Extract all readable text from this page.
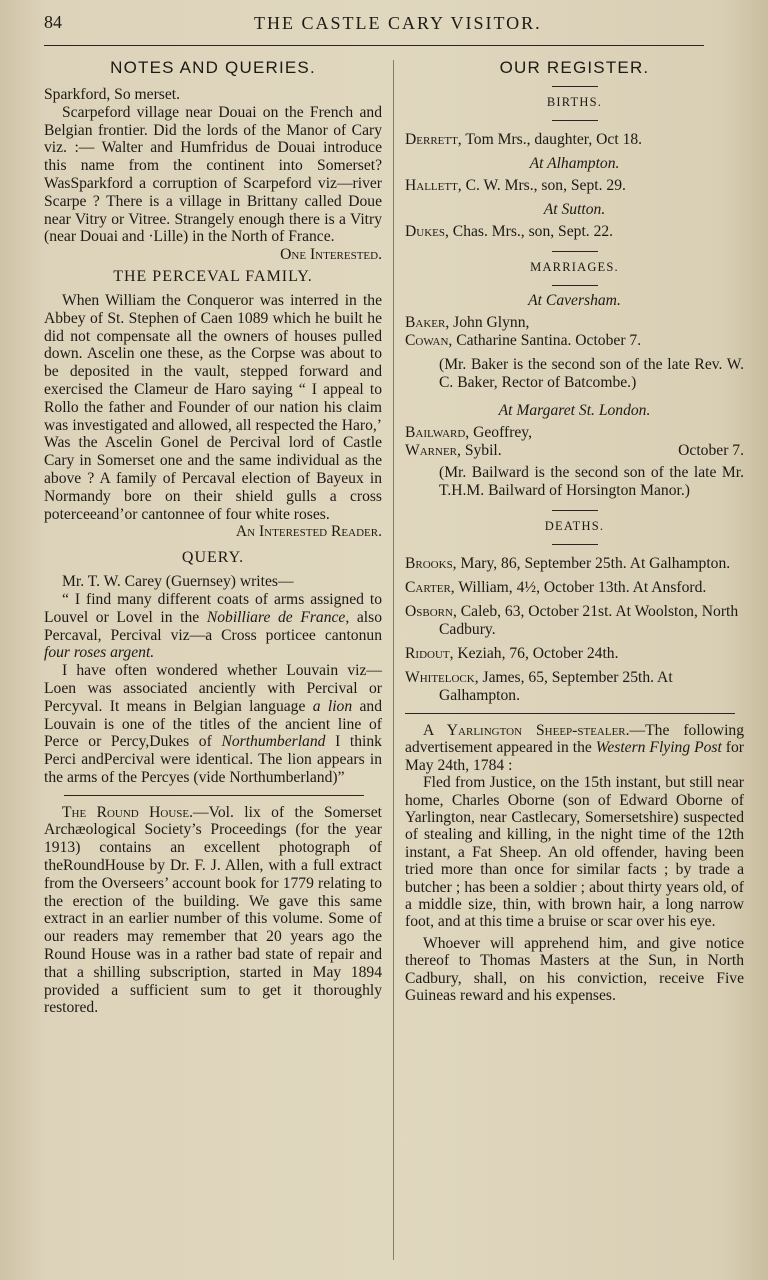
84	THE CASTLE CARY VISITOR.
NOTES AND QUERIES.

Sparkford, So merset.

Scarpeford village near Douai on the French and Belgian frontier. Did the lords of the Manor of Cary viz. :— Walter and Humfridus de Douai introduce this name from the continent into Somerset? WasSparkford a corruption of Scarpeford viz—river Scarpe ? There is a village in Brittany called Doue near Vitry or Vitree. Strangely enough there is a Vitry (near Douai and ·Lille) in the North of France.
One Interested.

THE PERCEVAL FAMILY.

When William the Conqueror was interred in the Abbey of St. Stephen of Caen 1089 which he built he did not compensate all the owners of houses pulled down. Ascelin one these, as the Corpse was about to be deposited in the vault, stepped forward and exercised the Clameur de Haro saying “ I appeal to Rollo the father and Founder of our nation his claim was investigated and allowed, all respected the Haro,’ Was the Ascelin Gonel de Percival lord of Castle Cary in Somerset one and the same individual as the above ? A family of Percaval election of Bayeux in Normandy bore on their shield gulls a cross poterceeand’or cantonnee of four white roses.
An Interested Reader.

QUERY.

Mr. T. W. Carey (Guernsey) writes—

“ I find many different coats of arms assigned to Louvel or Lovel in the Nobilliare de France, also Percaval, Percival viz—a Cross porticee cantonun four roses argent.

I have often wondered whether Louvain viz—Loen was associated anciently with Percival or Percyval. It means in Belgian language a lion and Louvain is one of the titles of the ancient line of Perce or Percy,Dukes of Northumberland I think Perci andPercival were identical. The lion appears in the arms of the Percyes (vide Northumberland)”

The Round House.—Vol. lix of the Somerset Archæological Society’s Proceedings (for the year 1913) contains an excellent photograph of theRoundHouse by Dr. F. J. Allen, with a full extract from the Overseers’ account book for 1779 relating to the erection of the building. We gave this same extract in an earlier number of this volume. Some of our readers may remember that 20 years ago the Round House was in a rather bad state of repair and that a shilling subscription, started in May 1894 provided a sufficient sum to get it thoroughly restored.

OUR REGISTER.
BIRTHS.
Derrett, Tom Mrs., daughter, Oct 18.
At Alhampton.
Hallett, C. W. Mrs., son, Sept. 29.
At Sutton.
Dukes, Chas. Mrs., son, Sept. 22.
MARRIAGES.
At Caversham.
Baker, John Glynn,
Cowan, Catharine Santina. October 7.
(Mr. Baker is the second son of the late Rev. W. C. Baker, Rector of Batcombe.)
At Margaret St. London.
Bailward, Geoffrey,
Warner, Sybil.	October 7.
(Mr. Bailward is the second son of the late Mr. T.H.M. Bailward of Horsington Manor.)
DEATHS.
Brooks, Mary, 86, September 25th. At Galhampton.
Carter, William, 4½, October 13th. At Ansford.
Osborn, Caleb, 63, October 21st. At Woolston, North Cadbury.
Ridout, Keziah, 76, October 24th.
Whitelock, James, 65, September 25th. At Galhampton.

A Yarlington Sheep-stealer.—The following advertisement appeared in the Western Flying Post for May 24th, 1784 :

Fled from Justice, on the 15th instant, but still near home, Charles Oborne (son of Edward Oborne of Yarlington, near Castlecary, Somersetshire) suspected of stealing and killing, in the night time of the 12th instant, a Fat Sheep. An old offender, having been tried more than once for similar facts ; by trade a butcher ; has been a soldier ; about thirty years old, of a middle size, thin, with brown hair, a long narrow foot, and at this time a bruise or scar over his eye.

Whoever will apprehend him, and give notice thereof to Thomas Masters at the Sun, in North Cadbury, shall, on his conviction, receive Five Guineas reward and his expenses.
